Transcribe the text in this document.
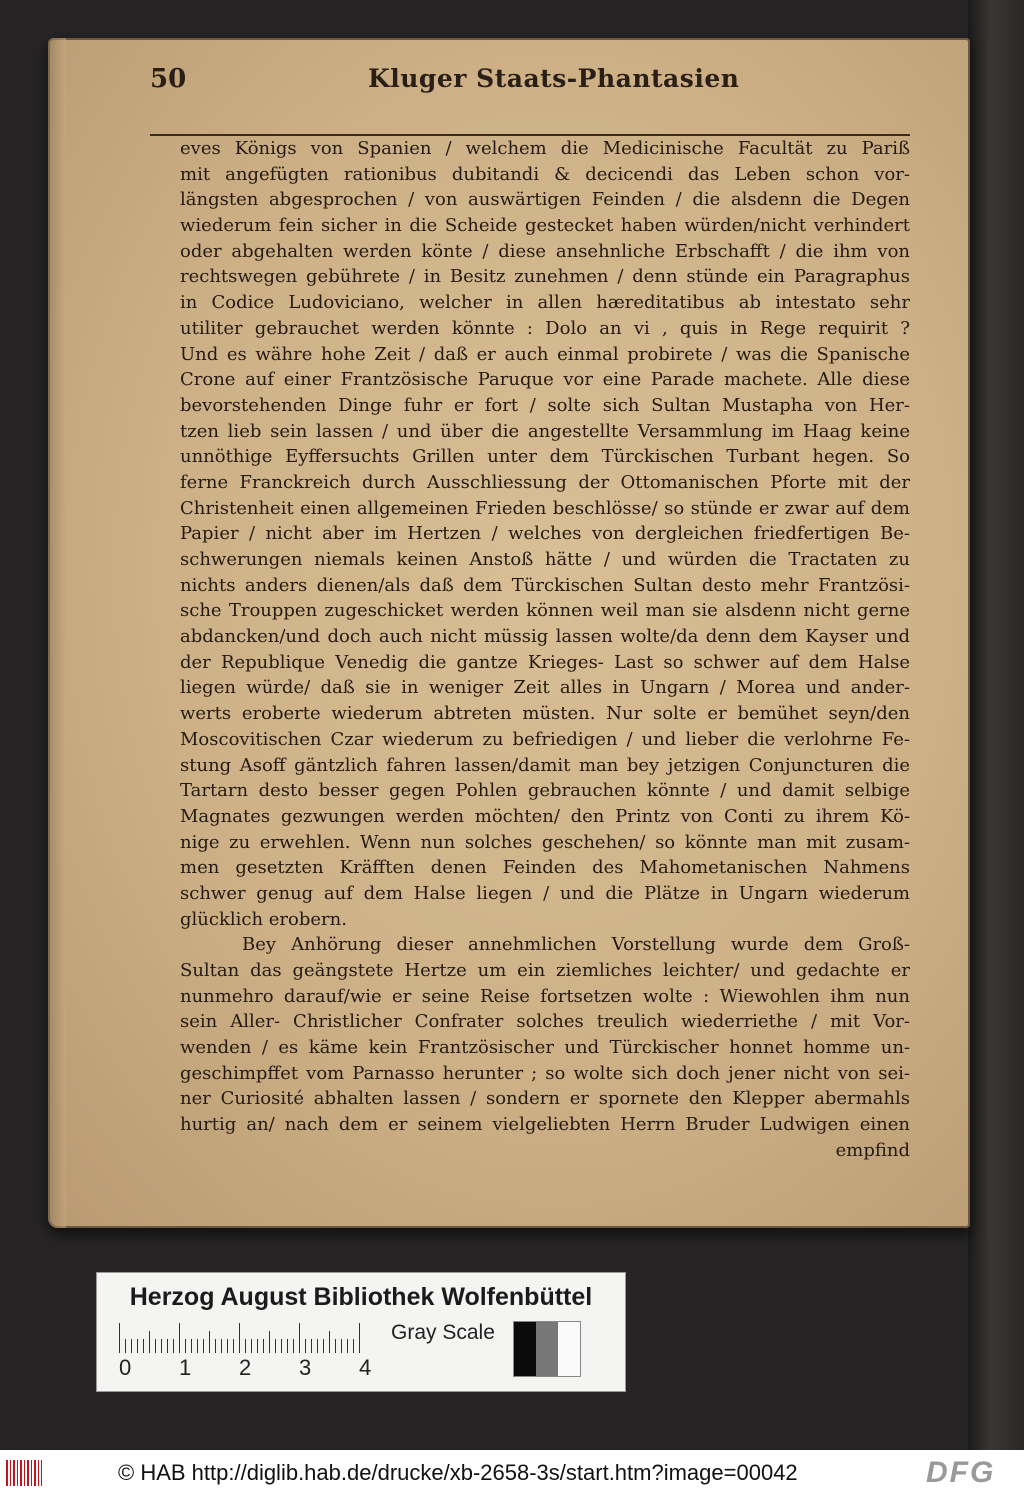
50	Kluger Staats-Phantasien
eves Königs von Spanien / welchem die Medicinische Facultät zu Pariß
mit angefügten rationibus dubitandi & decicendi das Leben schon vor-
längsten abgesprochen / von auswärtigen Feinden / die alsdenn die Degen
wiederum fein sicher in die Scheide gestecket haben würden/nicht verhindert
oder abgehalten werden könte / diese ansehnliche Erbschafft / die ihm von
rechtswegen gebührete / in Besitz zunehmen / denn stünde ein Paragraphus
in Codice Ludoviciano, welcher in allen hæreditatibus ab intestato sehr
utiliter gebrauchet werden könnte : Dolo an vi , quis in Rege requirit ?
Und es währe hohe Zeit / daß er auch einmal probirete / was die Spanische
Crone auf einer Frantzösische Paruque vor eine Parade machete. Alle diese
bevorstehenden Dinge fuhr er fort / solte sich Sultan Mustapha von Her-
tzen lieb sein lassen / und über die angestellte Versammlung im Haag keine
unnöthige Eyffersuchts Grillen unter dem Türckischen Turbant hegen. So
ferne Franckreich durch Ausschliessung der Ottomanischen Pforte mit der
Christenheit einen allgemeinen Frieden beschlösse/ so stünde er zwar auf dem
Papier / nicht aber im Hertzen / welches von dergleichen friedfertigen Be-
schwerungen niemals keinen Anstoß hätte / und würden die Tractaten zu
nichts anders dienen/als daß dem Türckischen Sultan desto mehr Frantzösi-
sche Trouppen zugeschicket werden können weil man sie alsdenn nicht gerne
abdancken/und doch auch nicht müssig lassen wolte/da denn dem Kayser und
der Republique Venedig die gantze Krieges- Last so schwer auf dem Halse
liegen würde/ daß sie in weniger Zeit alles in Ungarn / Morea und ander-
werts eroberte wiederum abtreten müsten. Nur solte er bemühet seyn/den
Moscovitischen Czar wiederum zu befriedigen / und lieber die verlohrne Fe-
stung Asoff gäntzlich fahren lassen/damit man bey jetzigen Conjuncturen die
Tartarn desto besser gegen Pohlen gebrauchen könnte / und damit selbige
Magnates gezwungen werden möchten/ den Printz von Conti zu ihrem Kö-
nige zu erwehlen. Wenn nun solches geschehen/ so könnte man mit zusam-
men gesetzten Kräfften denen Feinden des Mahometanischen Nahmens
schwer genug auf dem Halse liegen / und die Plätze in Ungarn wiederum
glücklich erobern.
Bey Anhörung dieser annehmlichen Vorstellung wurde dem Groß-
Sultan das geängstete Hertze um ein ziemliches leichter/ und gedachte er
nunmehro darauf/wie er seine Reise fortsetzen wolte : Wiewohlen ihm nun
sein Aller- Christlicher Confrater solches treulich wiederriethe / mit Vor-
wenden / es käme kein Frantzösischer und Türckischer honnet homme un-
geschimpffet vom Parnasso herunter ; so wolte sich doch jener nicht von sei-
ner Curiosité abhalten lassen / sondern er spornete den Klepper abermahls
hurtig an/ nach dem er seinem vielgeliebten Herrn Bruder Ludwigen einen
empfind
Herzog August Bibliothek Wolfenbüttel
0 1 2 3 4
Gray Scale
© HAB http://diglib.hab.de/drucke/xb-2658-3s/start.htm?image=00042	DFG
